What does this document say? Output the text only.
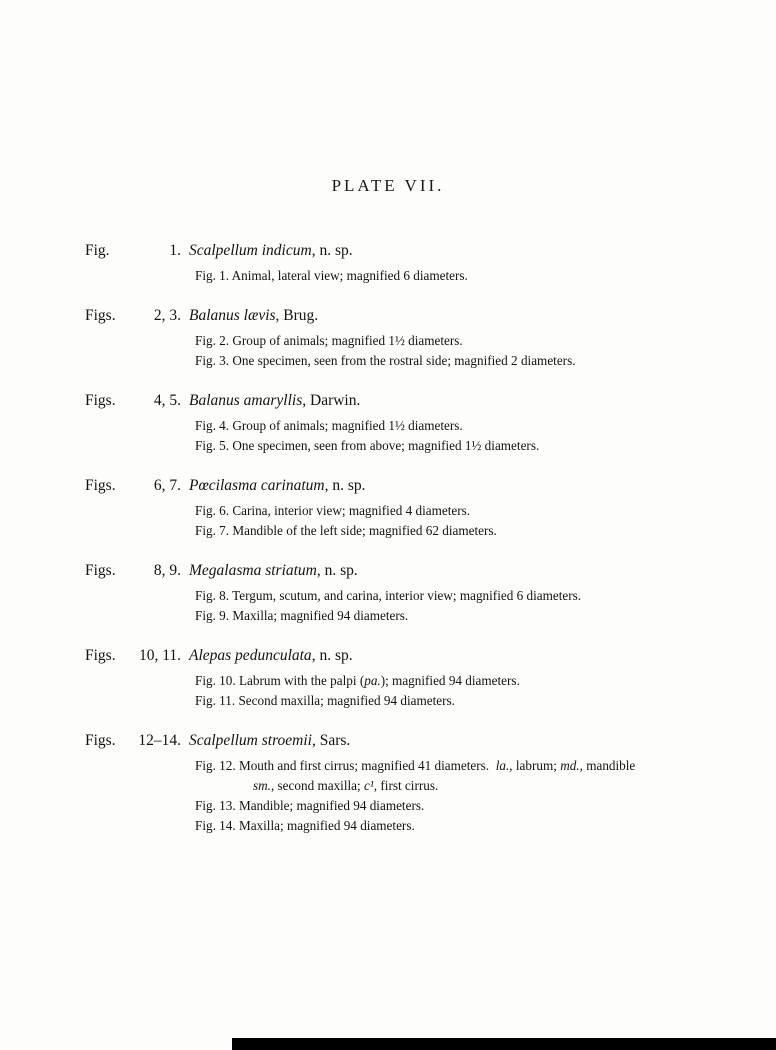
PLATE VII.
Fig.	1. Scalpellum indicum, n. sp.
Fig. 1. Animal, lateral view; magnified 6 diameters.
Figs. 2, 3. Balanus lævis, Brug.
Fig. 2. Group of animals; magnified 1½ diameters.
Fig. 3. One specimen, seen from the rostral side; magnified 2 diameters.
Figs. 4, 5. Balanus amaryllis, Darwin.
Fig. 4. Group of animals; magnified 1½ diameters.
Fig. 5. One specimen, seen from above; magnified 1½ diameters.
Figs. 6, 7. Pœcilasma carinatum, n. sp.
Fig. 6. Carina, interior view; magnified 4 diameters.
Fig. 7. Mandible of the left side; magnified 62 diameters.
Figs. 8, 9. Megalasma striatum, n. sp.
Fig. 8. Tergum, scutum, and carina, interior view; magnified 6 diameters.
Fig. 9. Maxilla; magnified 94 diameters.
Figs. 10, 11. Alepas pedunculata, n. sp.
Fig. 10. Labrum with the palpi (pa.); magnified 94 diameters.
Fig. 11. Second maxilla; magnified 94 diameters.
Figs. 12–14. Scalpellum stroemii, Sars.
Fig. 12. Mouth and first cirrus; magnified 41 diameters.  la., labrum; md., mandible
sm., second maxilla; c¹, first cirrus.
Fig. 13. Mandible; magnified 94 diameters.
Fig. 14. Maxilla; magnified 94 diameters.
